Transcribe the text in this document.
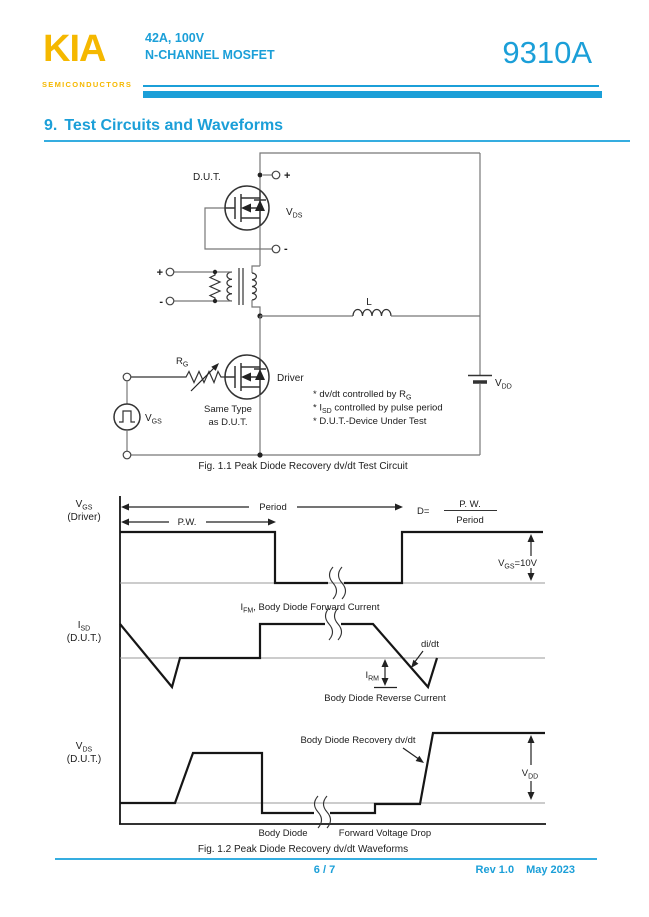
KIA
SEMICONDUCTORS
42A, 100V
N-CHANNEL MOSFET	9310A
9. Test Circuits and Waveforms
+
-
$V_{DS}$
D.U.T.
+
-	L
$V_{DD}$
Driver
Same Type
as D.U.T.
$R_G$
$V_{GS}$
* dv/dt controlled by $R_G$
* $I_{SD}$ controlled by pulse period
* D.U.T.-Device Under Test
Fig. 1.1 Peak Diode Recovery dv/dt Test Circuit
$V_{GS}$
(Driver)
Period
P.W.
D=
P. W.
Period
$V_{GS}=10V$
$I_{SD}$
(D.U.T.)
$I_{FM}$, Body Diode Forward Current
di/dt
$I_{RM}$
Body Diode Reverse Current
$V_{DS}$
(D.U.T.)
Body Diode Recovery dv/dt
$V_{DD}$
Body Diode	Forward Voltage Drop
Fig. 1.2 Peak Diode Recovery dv/dt Waveforms
6 / 7	Rev 1.0 May 2023
